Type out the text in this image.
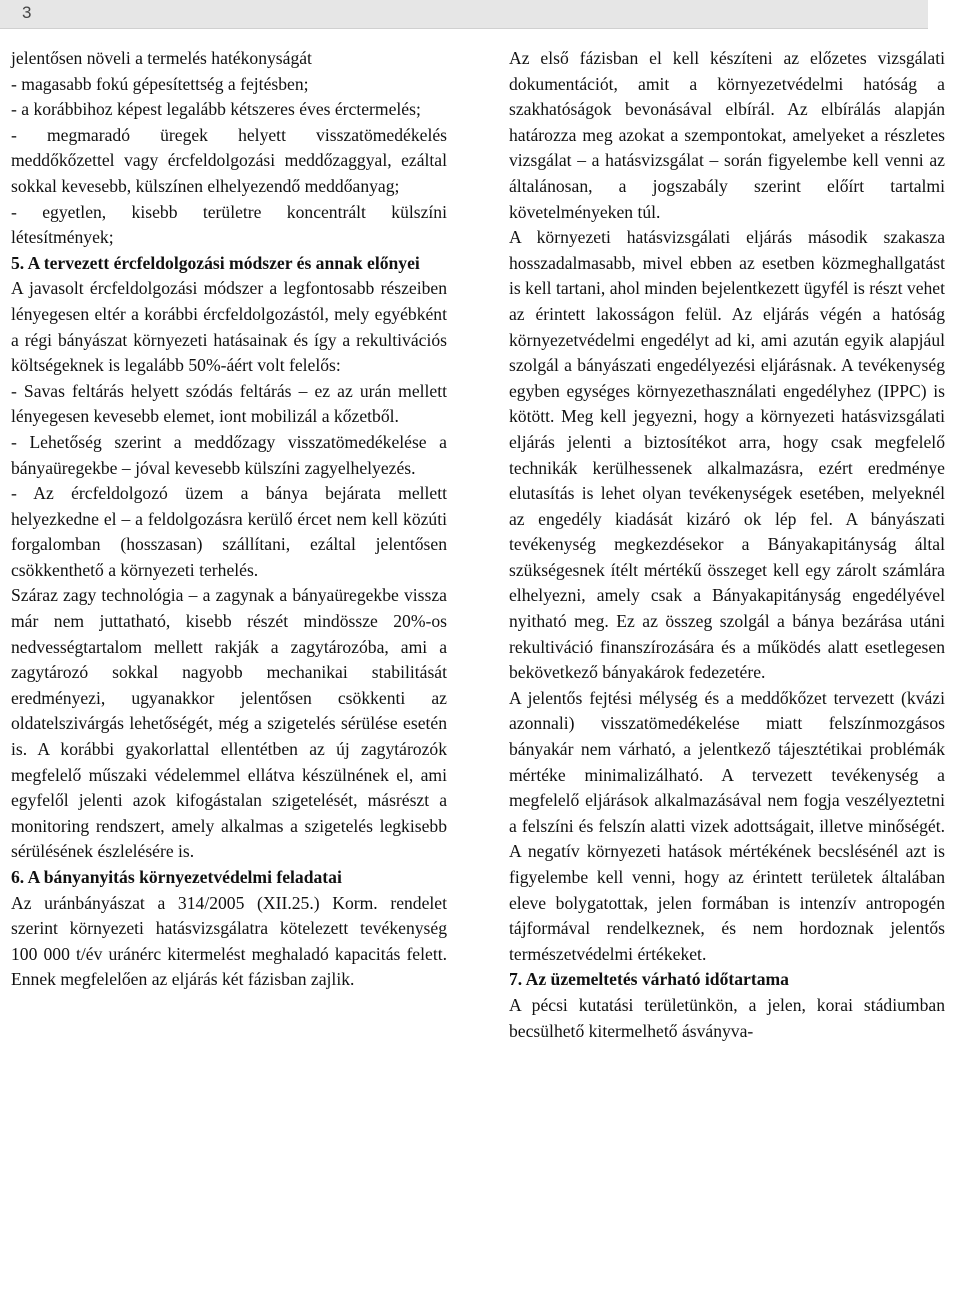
3

jelentősen növeli a termelés hatékonyságát

- magasabb fokú gépesítettség a fejtésben;

- a korábbihoz képest legalább kétszeres éves érctermelés;

- megmaradó üregek helyett visszatömedékelés meddőkőzettel vagy ércfeldolgozási meddőzaggyal, ezáltal sokkal kevesebb, külszínen elhelyezendő meddőanyag;

- egyetlen, kisebb területre koncentrált külszíni létesítmények;

5. A tervezett ércfeldolgozási módszer és annak előnyei

A javasolt ércfeldolgozási módszer a legfontosabb részeiben lényegesen eltér a korábbi ércfeldolgozástól, mely egyébként a régi bányászat környezeti hatásainak és így a rekultivációs költségeknek is legalább 50%-áért volt felelős:

- Savas feltárás helyett szódás feltárás – ez az urán mellett lényegesen kevesebb elemet, iont mobilizál a kőzetből.

- Lehetőség szerint a meddőzagy visszatömedékelése a bányaüregekbe – jóval kevesebb külszíni zagyelhelyezés.

- Az ércfeldolgozó üzem a bánya bejárata mellett helyezkedne el – a feldolgozásra kerülő ércet nem kell közúti forgalomban (hosszasan) szállítani, ezáltal jelentősen csökkenthető a környezeti terhelés.

Száraz zagy technológia – a zagynak a bányaüregekbe vissza már nem juttatható, kisebb részét mindössze 20%-os nedvességtartalom mellett rakják a zagytározóba, ami a zagytározó sokkal nagyobb mechanikai stabilitását eredményezi, ugyanakkor jelentősen csökkenti az oldatelszivárgás lehetőségét, még a szigetelés sérülése esetén is. A korábbi gyakorlattal ellentétben az új zagytározók megfelelő műszaki védelemmel ellátva készülnének el, ami egyfelől jelenti azok kifogástalan szigetelését, másrészt a monitoring rendszert, amely alkalmas a szigetelés legkisebb sérülésének észlelésére is.

6. A bányanyitás környezetvédelmi feladatai

Az uránbányászat a 314/2005 (XII.25.) Korm. rendelet szerint környezeti hatásvizsgálatra kötelezett tevékenység 100 000 t/év uránérc kitermelést meghaladó kapacitás felett. Ennek megfelelően az eljárás két fázisban zajlik.

Az első fázisban el kell készíteni az előzetes vizsgálati dokumentációt, amit a környezetvédelmi hatóság a szakhatóságok bevonásával elbírál. Az elbírálás alapján határozza meg azokat a szempontokat, amelyeket a részletes vizsgálat – a hatásvizsgálat – során figyelembe kell venni az általánosan, a jogszabály szerint előírt tartalmi követelményeken túl.

A környezeti hatásvizsgálati eljárás második szakasza hosszadalmasabb, mivel ebben az esetben közmeghallgatást is kell tartani, ahol minden bejelentkezett ügyfél is részt vehet az érintett lakosságon felül. Az eljárás végén a hatóság környezetvédelmi engedélyt ad ki, ami azután egyik alapjául szolgál a bányászati engedélyezési eljárásnak. A tevékenység egyben egységes környezethasználati engedélyhez (IPPC) is kötött. Meg kell jegyezni, hogy a környezeti hatásvizsgálati eljárás jelenti a biztosítékot arra, hogy csak megfelelő technikák kerülhessenek alkalmazásra, ezért eredménye elutasítás is lehet olyan tevékenységek esetében, melyeknél az engedély kiadását kizáró ok lép fel. A bányászati tevékenység megkezdésekor a Bányakapitányság által szükségesnek ítélt mértékű összeget kell egy zárolt számlára elhelyezni, amely csak a Bányakapitányság engedélyével nyitható meg. Ez az összeg szolgál a bánya bezárása utáni rekultiváció finanszírozására és a működés alatt esetlegesen bekövetkező bányakárok fedezetére.

A jelentős fejtési mélység és a meddőkőzet tervezett (kvázi azonnali) visszatömedékelése miatt felszínmozgásos bányakár nem várható, a jelentkező tájesztétikai problémák mértéke minimalizálható. A tervezett tevékenység a megfelelő eljárások alkalmazásával nem fogja veszélyeztetni a felszíni és felszín alatti vizek adottságait, illetve minőségét. A negatív környezeti hatások mértékének becslésénél azt is figyelembe kell venni, hogy az érintett területek általában eleve bolygatottak, jelen formában is intenzív antropogén tájformával rendelkeznek, és nem hordoznak jelentős természetvédelmi értékeket.

7. Az üzemeltetés várható időtartama

A pécsi kutatási területünkön, a jelen, korai stádiumban becsülhető kitermelhető ásványva-
